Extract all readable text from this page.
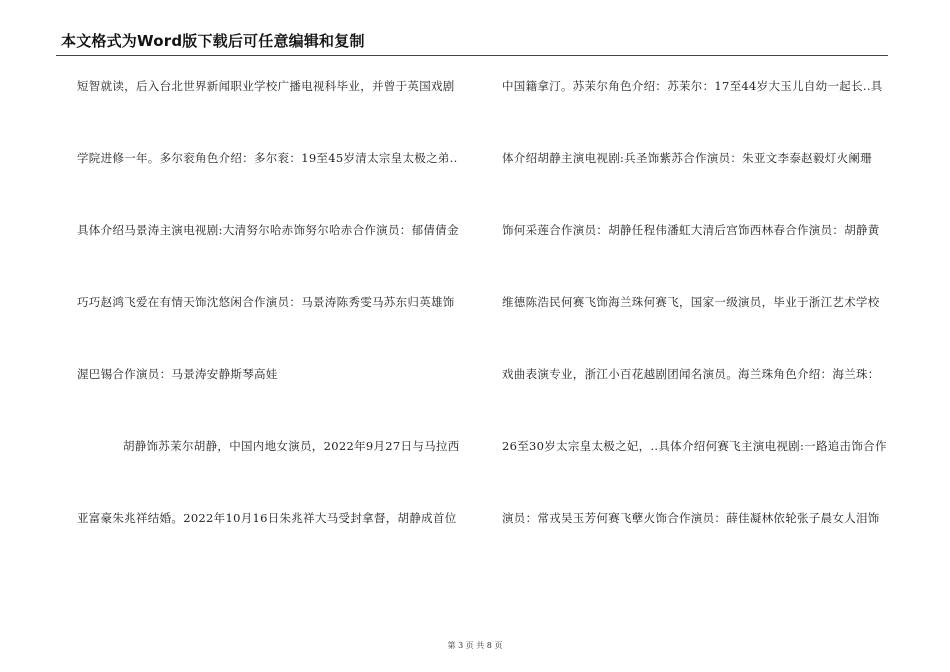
本文格式为Word版下载后可任意编辑和复制
短智就读，后入台北世界新闻职业学校广播电视科毕业，并曾于英国戏剧
学院进修一年。多尔衮角色介绍：多尔衮：19至45岁清太宗皇太极之弟..
具体介绍马景涛主演电视剧:大清努尔哈赤饰努尔哈赤合作演员：郁倩倩金
巧巧赵鸿飞爱在有情天饰沈悠闲合作演员：马景涛陈秀雯马苏东归英雄饰
渥巴锡合作演员：马景涛安静斯琴高娃
胡静饰苏茉尔胡静，中国内地女演员，2022年9月27日与马拉西
亚富豪朱兆祥结婚。2022年10月16日朱兆祥大马受封拿督，胡静成首位
中国籍拿汀。苏茉尔角色介绍：苏茉尔：17至44岁大玉儿自幼一起长..具
体介绍胡静主演电视剧:兵圣饰紫苏合作演员：朱亚文李泰赵毅灯火阑珊
饰何采莲合作演员：胡静任程伟潘虹大清后宫饰西林春合作演员：胡静黄
维德陈浩民何赛飞饰海兰珠何赛飞，国家一级演员，毕业于浙江艺术学校
戏曲表演专业，浙江小百花越剧团闻名演员。海兰珠角色介绍：海兰珠：
26至30岁太宗皇太极之妃，..具体介绍何赛飞主演电视剧:一路追击饰合作
演员：常戎吴玉芳何赛飞孽火饰合作演员：薛佳凝林依轮张子晨女人泪饰
第 3 页 共 8 页
